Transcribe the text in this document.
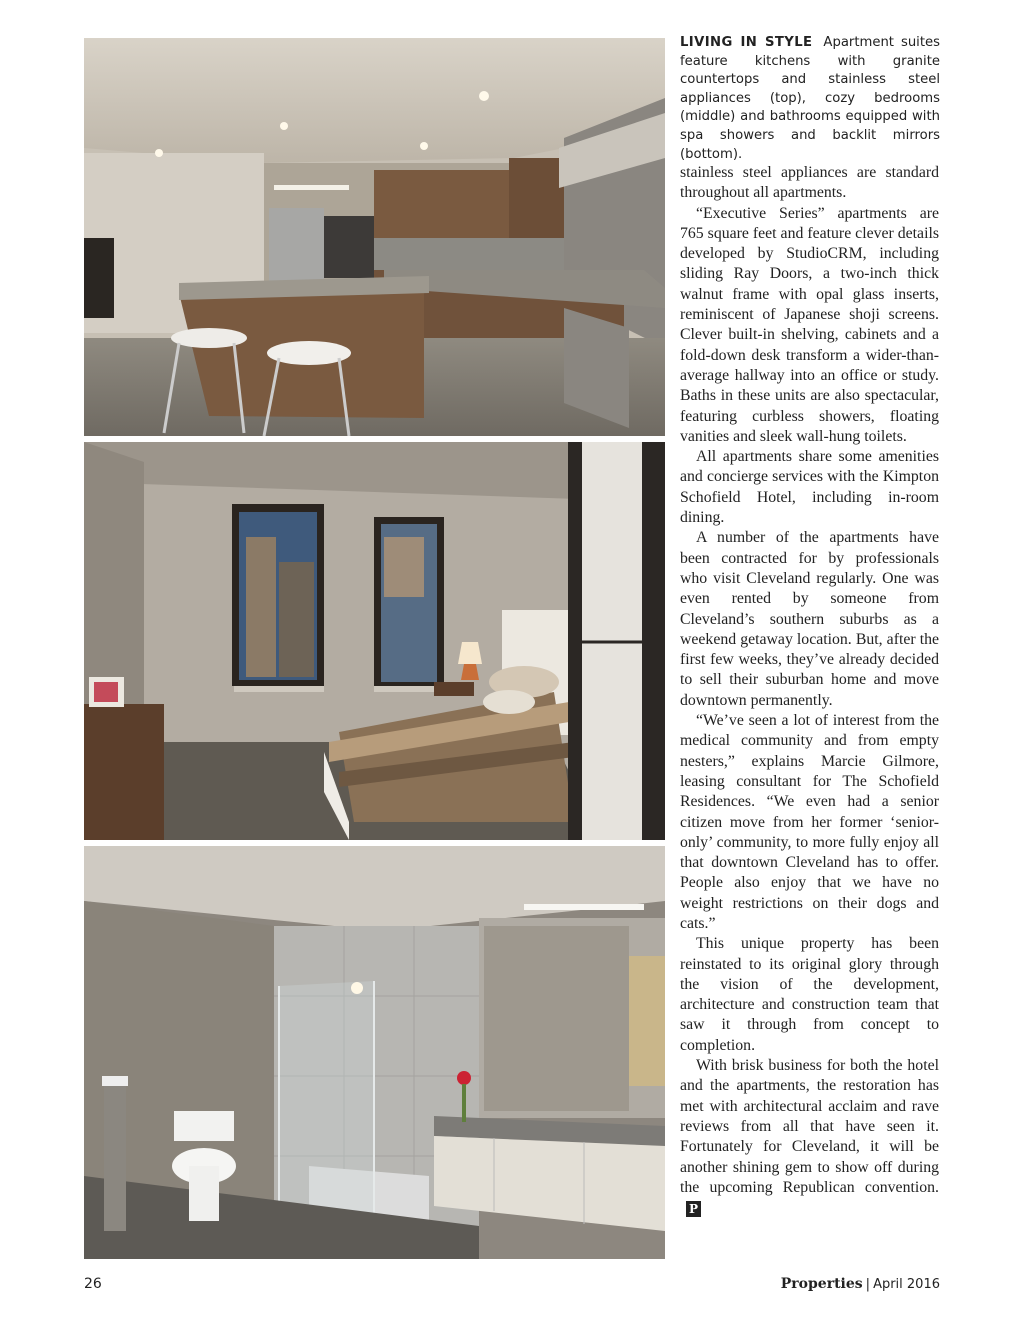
LIVING IN STYLE Apartment suites feature kitchens with granite countertops and stainless steel appliances (top), cozy bedrooms (middle) and bathrooms equipped with spa showers and backlit mirrors (bottom).

stainless steel appliances are standard throughout all apartments.

“Executive Series” apartments are 765 square feet and feature clever details developed by StudioCRM, including sliding Ray Doors, a two-inch thick walnut frame with opal glass inserts, reminiscent of Japanese shoji screens. Clever built-in shelving, cabinets and a fold-down desk transform a wider-than-average hallway into an office or study. Baths in these units are also spectacular, featuring curbless showers, floating vanities and sleek wall-hung toilets.

All apartments share some amenities and concierge services with the Kimpton Schofield Hotel, including in-room dining.

A number of the apartments have been contracted for by professionals who visit Cleveland regularly. One was even rented by someone from Cleveland’s southern suburbs as a weekend getaway location. But, after the first few weeks, they’ve already decided to sell their suburban home and move downtown permanently.

“We’ve seen a lot of interest from the medical community and from empty nesters,” explains Marcie Gilmore, leasing consultant for The Schofield Residences. “We even had a senior citizen move from her former ‘senior-only’ community, to more fully enjoy all that downtown Cleveland has to offer. People also enjoy that we have no weight restrictions on their dogs and cats.”

This unique property has been reinstated to its original glory through the vision of the development, architecture and construction team that saw it through from concept to completion.

With brisk business for both the hotel and the apartments, the restoration has met with architectural acclaim and rave reviews from all that have seen it. Fortunately for Cleveland, it will be another shining gem to show off during the upcoming Republican convention.P

26	Properties | April 2016
